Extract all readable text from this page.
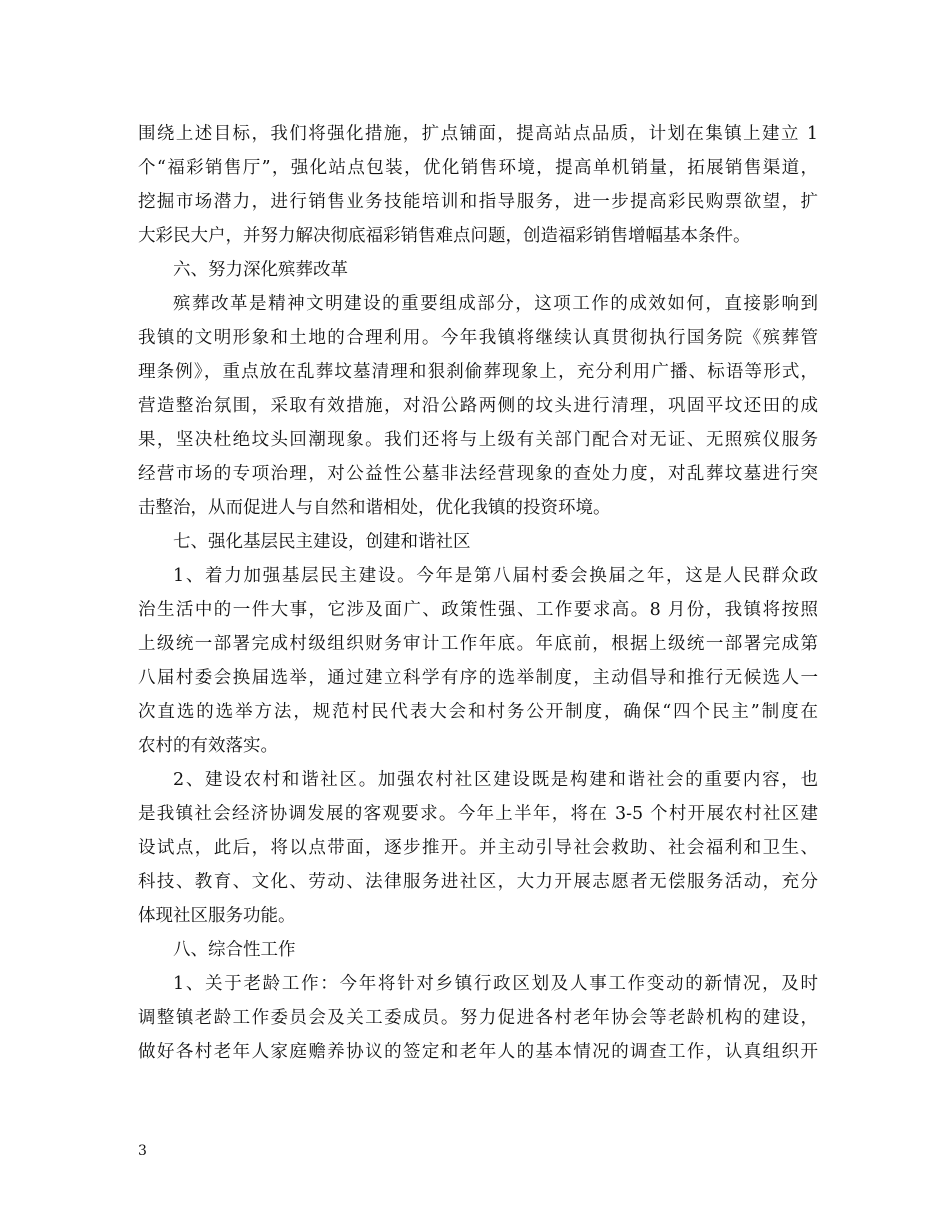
围绕上述目标，我们将强化措施，扩点铺面，提高站点品质，计划在集镇上建立 1
个“福彩销售厅”，强化站点包装，优化销售环境，提高单机销量，拓展销售渠道，
挖掘市场潜力，进行销售业务技能培训和指导服务，进一步提高彩民购票欲望，扩
大彩民大户，并努力解决彻底福彩销售难点问题，创造福彩销售增幅基本条件。
六、努力深化殡葬改革
殡葬改革是精神文明建设的重要组成部分，这项工作的成效如何，直接影响到
我镇的文明形象和土地的合理利用。今年我镇将继续认真贯彻执行国务院《殡葬管
理条例》，重点放在乱葬坟墓清理和狠刹偷葬现象上，充分利用广播、标语等形式，
营造整治氛围，采取有效措施，对沿公路两侧的坟头进行清理，巩固平坟还田的成
果，坚决杜绝坟头回潮现象。我们还将与上级有关部门配合对无证、无照殡仪服务
经营市场的专项治理，对公益性公墓非法经营现象的查处力度，对乱葬坟墓进行突
击整治，从而促进人与自然和谐相处，优化我镇的投资环境。
七、强化基层民主建设，创建和谐社区
1、着力加强基层民主建设。今年是第八届村委会换届之年，这是人民群众政
治生活中的一件大事，它涉及面广、政策性强、工作要求高。8 月份，我镇将按照
上级统一部署完成村级组织财务审计工作年底。年底前，根据上级统一部署完成第
八届村委会换届选举，通过建立科学有序的选举制度，主动倡导和推行无候选人一
次直选的选举方法，规范村民代表大会和村务公开制度，确保“四个民主”制度在
农村的有效落实。
2、建设农村和谐社区。加强农村社区建设既是构建和谐社会的重要内容，也
是我镇社会经济协调发展的客观要求。今年上半年，将在 3-5 个村开展农村社区建
设试点，此后，将以点带面，逐步推开。并主动引导社会救助、社会福利和卫生、
科技、教育、文化、劳动、法律服务进社区，大力开展志愿者无偿服务活动，充分
体现社区服务功能。
八、综合性工作
1、关于老龄工作：今年将针对乡镇行政区划及人事工作变动的新情况，及时
调整镇老龄工作委员会及关工委成员。努力促进各村老年协会等老龄机构的建设，
做好各村老年人家庭赡养协议的签定和老年人的基本情况的调查工作，认真组织开
3
